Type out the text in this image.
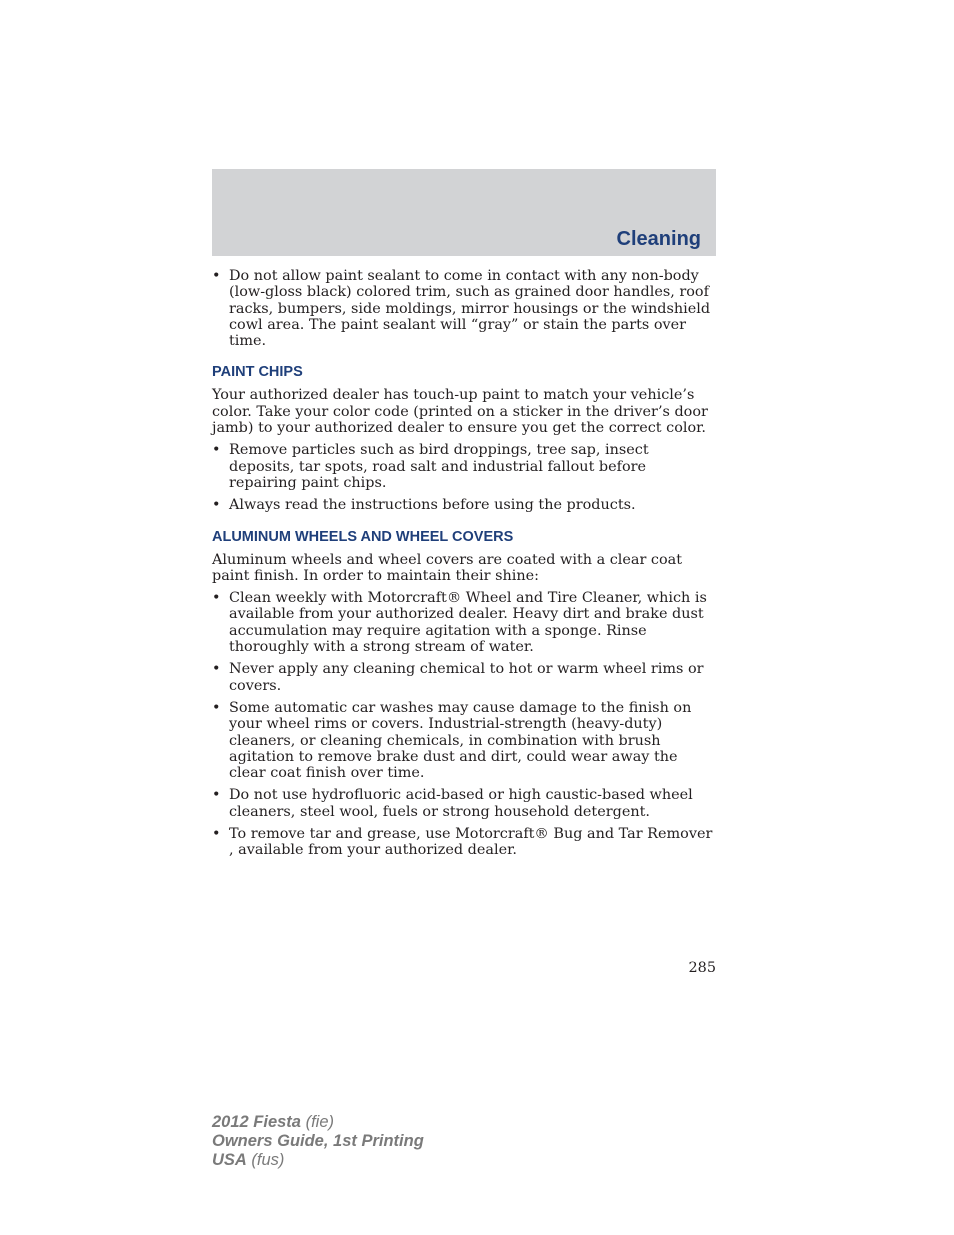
Cleaning
• Do not allow paint sealant to come in contact with any non-body (low-gloss black) colored trim, such as grained door handles, roof racks, bumpers, side moldings, mirror housings or the windshield cowl area. The paint sealant will “gray” or stain the parts over time.
PAINT CHIPS

Your authorized dealer has touch-up paint to match your vehicle’s color. Take your color code (printed on a sticker in the driver’s door jamb) to your authorized dealer to ensure you get the correct color.

• Remove particles such as bird droppings, tree sap, insect deposits, tar spots, road salt and industrial fallout before repairing paint chips.
• Always read the instructions before using the products.
ALUMINUM WHEELS AND WHEEL COVERS

Aluminum wheels and wheel covers are coated with a clear coat paint finish. In order to maintain their shine:

• Clean weekly with Motorcraft® Wheel and Tire Cleaner, which is available from your authorized dealer. Heavy dirt and brake dust accumulation may require agitation with a sponge. Rinse thoroughly with a strong stream of water.
• Never apply any cleaning chemical to hot or warm wheel rims or covers.
• Some automatic car washes may cause damage to the finish on your wheel rims or covers. Industrial-strength (heavy-duty) cleaners, or cleaning chemicals, in combination with brush agitation to remove brake dust and dirt, could wear away the clear coat finish over time.
• Do not use hydrofluoric acid-based or high caustic-based wheel cleaners, steel wool, fuels or strong household detergent.
• To remove tar and grease, use Motorcraft® Bug and Tar Remover , available from your authorized dealer.
285
2012 Fiesta (fie)
Owners Guide, 1st Printing
USA (fus)
